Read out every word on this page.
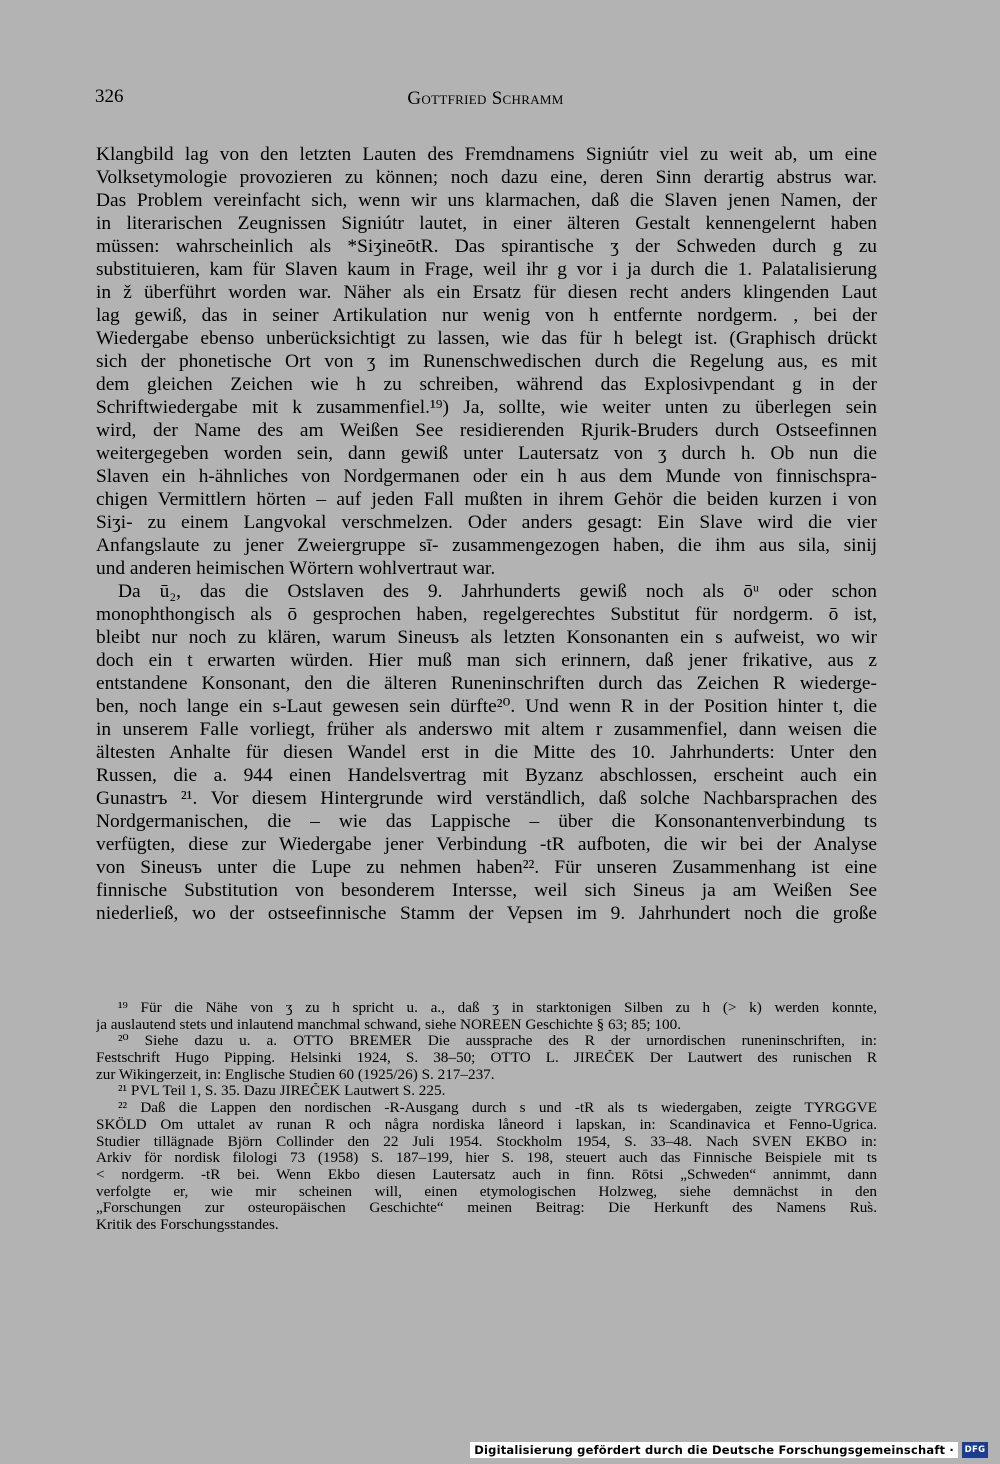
326	Gottfried Schramm
Klangbild lag von den letzten Lauten des Fremdnamens Signiútr viel zu weit ab, um eine
Volksetymologie provozieren zu können; noch dazu eine, deren Sinn derartig abstrus war.
Das Problem vereinfacht sich, wenn wir uns klarmachen, daß die Slaven jenen Namen, der
in literarischen Zeugnissen Signiútr lautet, in einer älteren Gestalt kennengelernt haben
müssen: wahrscheinlich als *SiʒineōtR. Das spirantische ʒ der Schweden durch g zu
substituieren, kam für Slaven kaum in Frage, weil ihr g vor i ja durch die 1. Palatalisierung
in ž überführt worden war. Näher als ein Ersatz für diesen recht anders klingenden Laut
lag gewiß, das in seiner Artikulation nur wenig von h entfernte nordgerm. ‚ bei der
Wiedergabe ebenso unberücksichtigt zu lassen, wie das für h belegt ist. (Graphisch drückt
sich der phonetische Ort von ʒ im Runenschwedischen durch die Regelung aus, es mit
dem gleichen Zeichen wie h zu schreiben, während das Explosivpendant g in der
Schriftwiedergabe mit k zusammenfiel.¹⁹) Ja, sollte, wie weiter unten zu überlegen sein
wird, der Name des am Weißen See residierenden Rjurik-Bruders durch Ostseefinnen
weitergegeben worden sein, dann gewiß unter Lautersatz von ʒ durch h. Ob nun die
Slaven ein h-ähnliches von Nordgermanen oder ein h aus dem Munde von finnischspra-
chigen Vermittlern hörten – auf jeden Fall mußten in ihrem Gehör die beiden kurzen i von
Siʒi- zu einem Langvokal verschmelzen. Oder anders gesagt: Ein Slave wird die vier
Anfangslaute zu jener Zweiergruppe sī- zusammengezogen haben, die ihm aus sila, sinij
und anderen heimischen Wörtern wohlvertraut war.
Da ū₂, das die Ostslaven des 9. Jahrhunderts gewiß noch als ōᵘ oder schon
monophthongisch als ō gesprochen haben, regelgerechtes Substitut für nordgerm. ō ist,
bleibt nur noch zu klären, warum Sineusъ als letzten Konsonanten ein s aufweist, wo wir
doch ein t erwarten würden. Hier muß man sich erinnern, daß jener frikative, aus z
entstandene Konsonant, den die älteren Runeninschriften durch das Zeichen R wiederge-
ben, noch lange ein s-Laut gewesen sein dürfte²⁰. Und wenn R in der Position hinter t, die
in unserem Falle vorliegt, früher als anderswo mit altem r zusammenfiel, dann weisen die
ältesten Anhalte für diesen Wandel erst in die Mitte des 10. Jahrhunderts: Unter den
Russen, die a. 944 einen Handelsvertrag mit Byzanz abschlossen, erscheint auch ein
Gunastrъ ²¹. Vor diesem Hintergrunde wird verständlich, daß solche Nachbarsprachen des
Nordgermanischen, die – wie das Lappische – über die Konsonantenverbindung ts
verfügten, diese zur Wiedergabe jener Verbindung -tR aufboten, die wir bei der Analyse
von Sineusъ unter die Lupe zu nehmen haben²². Für unseren Zusammenhang ist eine
finnische Substitution von besonderem Intersse, weil sich Sineus ja am Weißen See
niederließ, wo der ostseefinnische Stamm der Vepsen im 9. Jahrhundert noch die große
¹⁹ Für die Nähe von ʒ zu h spricht u. a., daß ʒ in starktonigen Silben zu h (> k) werden konnte,
ja auslautend stets und inlautend manchmal schwand, siehe NOREEN Geschichte § 63; 85; 100.
²⁰ Siehe dazu u. a. OTTO BREMER Die aussprache des R der urnordischen runeninschriften, in:
Festschrift Hugo Pipping. Helsinki 1924, S. 38–50; OTTO L. JIREČEK Der Lautwert des runischen R
zur Wikingerzeit, in: Englische Studien 60 (1925/26) S. 217–237.
²¹ PVL Teil 1, S. 35. Dazu JIREČEK Lautwert S. 225.
²² Daß die Lappen den nordischen -R-Ausgang durch s und -tR als ts wiedergaben, zeigte TYRGGVE
SKÖLD Om uttalet av runan R och några nordiska låneord i lapskan, in: Scandinavica et Fenno-Ugrica.
Studier tillägnade Björn Collinder den 22 Juli 1954. Stockholm 1954, S. 33–48. Nach SVEN EKBO in:
Arkiv för nordisk filologi 73 (1958) S. 187–199, hier S. 198, steuert auch das Finnische Beispiele mit ts
< nordgerm. -tR bei. Wenn Ekbo diesen Lautersatz auch in finn. Rōtsi „Schweden“ annimmt, dann
verfolgte er, wie mir scheinen will, einen etymologischen Holzweg, siehe demnächst in den
„Forschungen zur osteuropäischen Geschichte“ meinen Beitrag: Die Herkunft des Namens Rus̀.
Kritik des Forschungsstandes.
Digitalisierung gefördert durch die Deutsche Forschungsgemeinschaft ·	DFG
